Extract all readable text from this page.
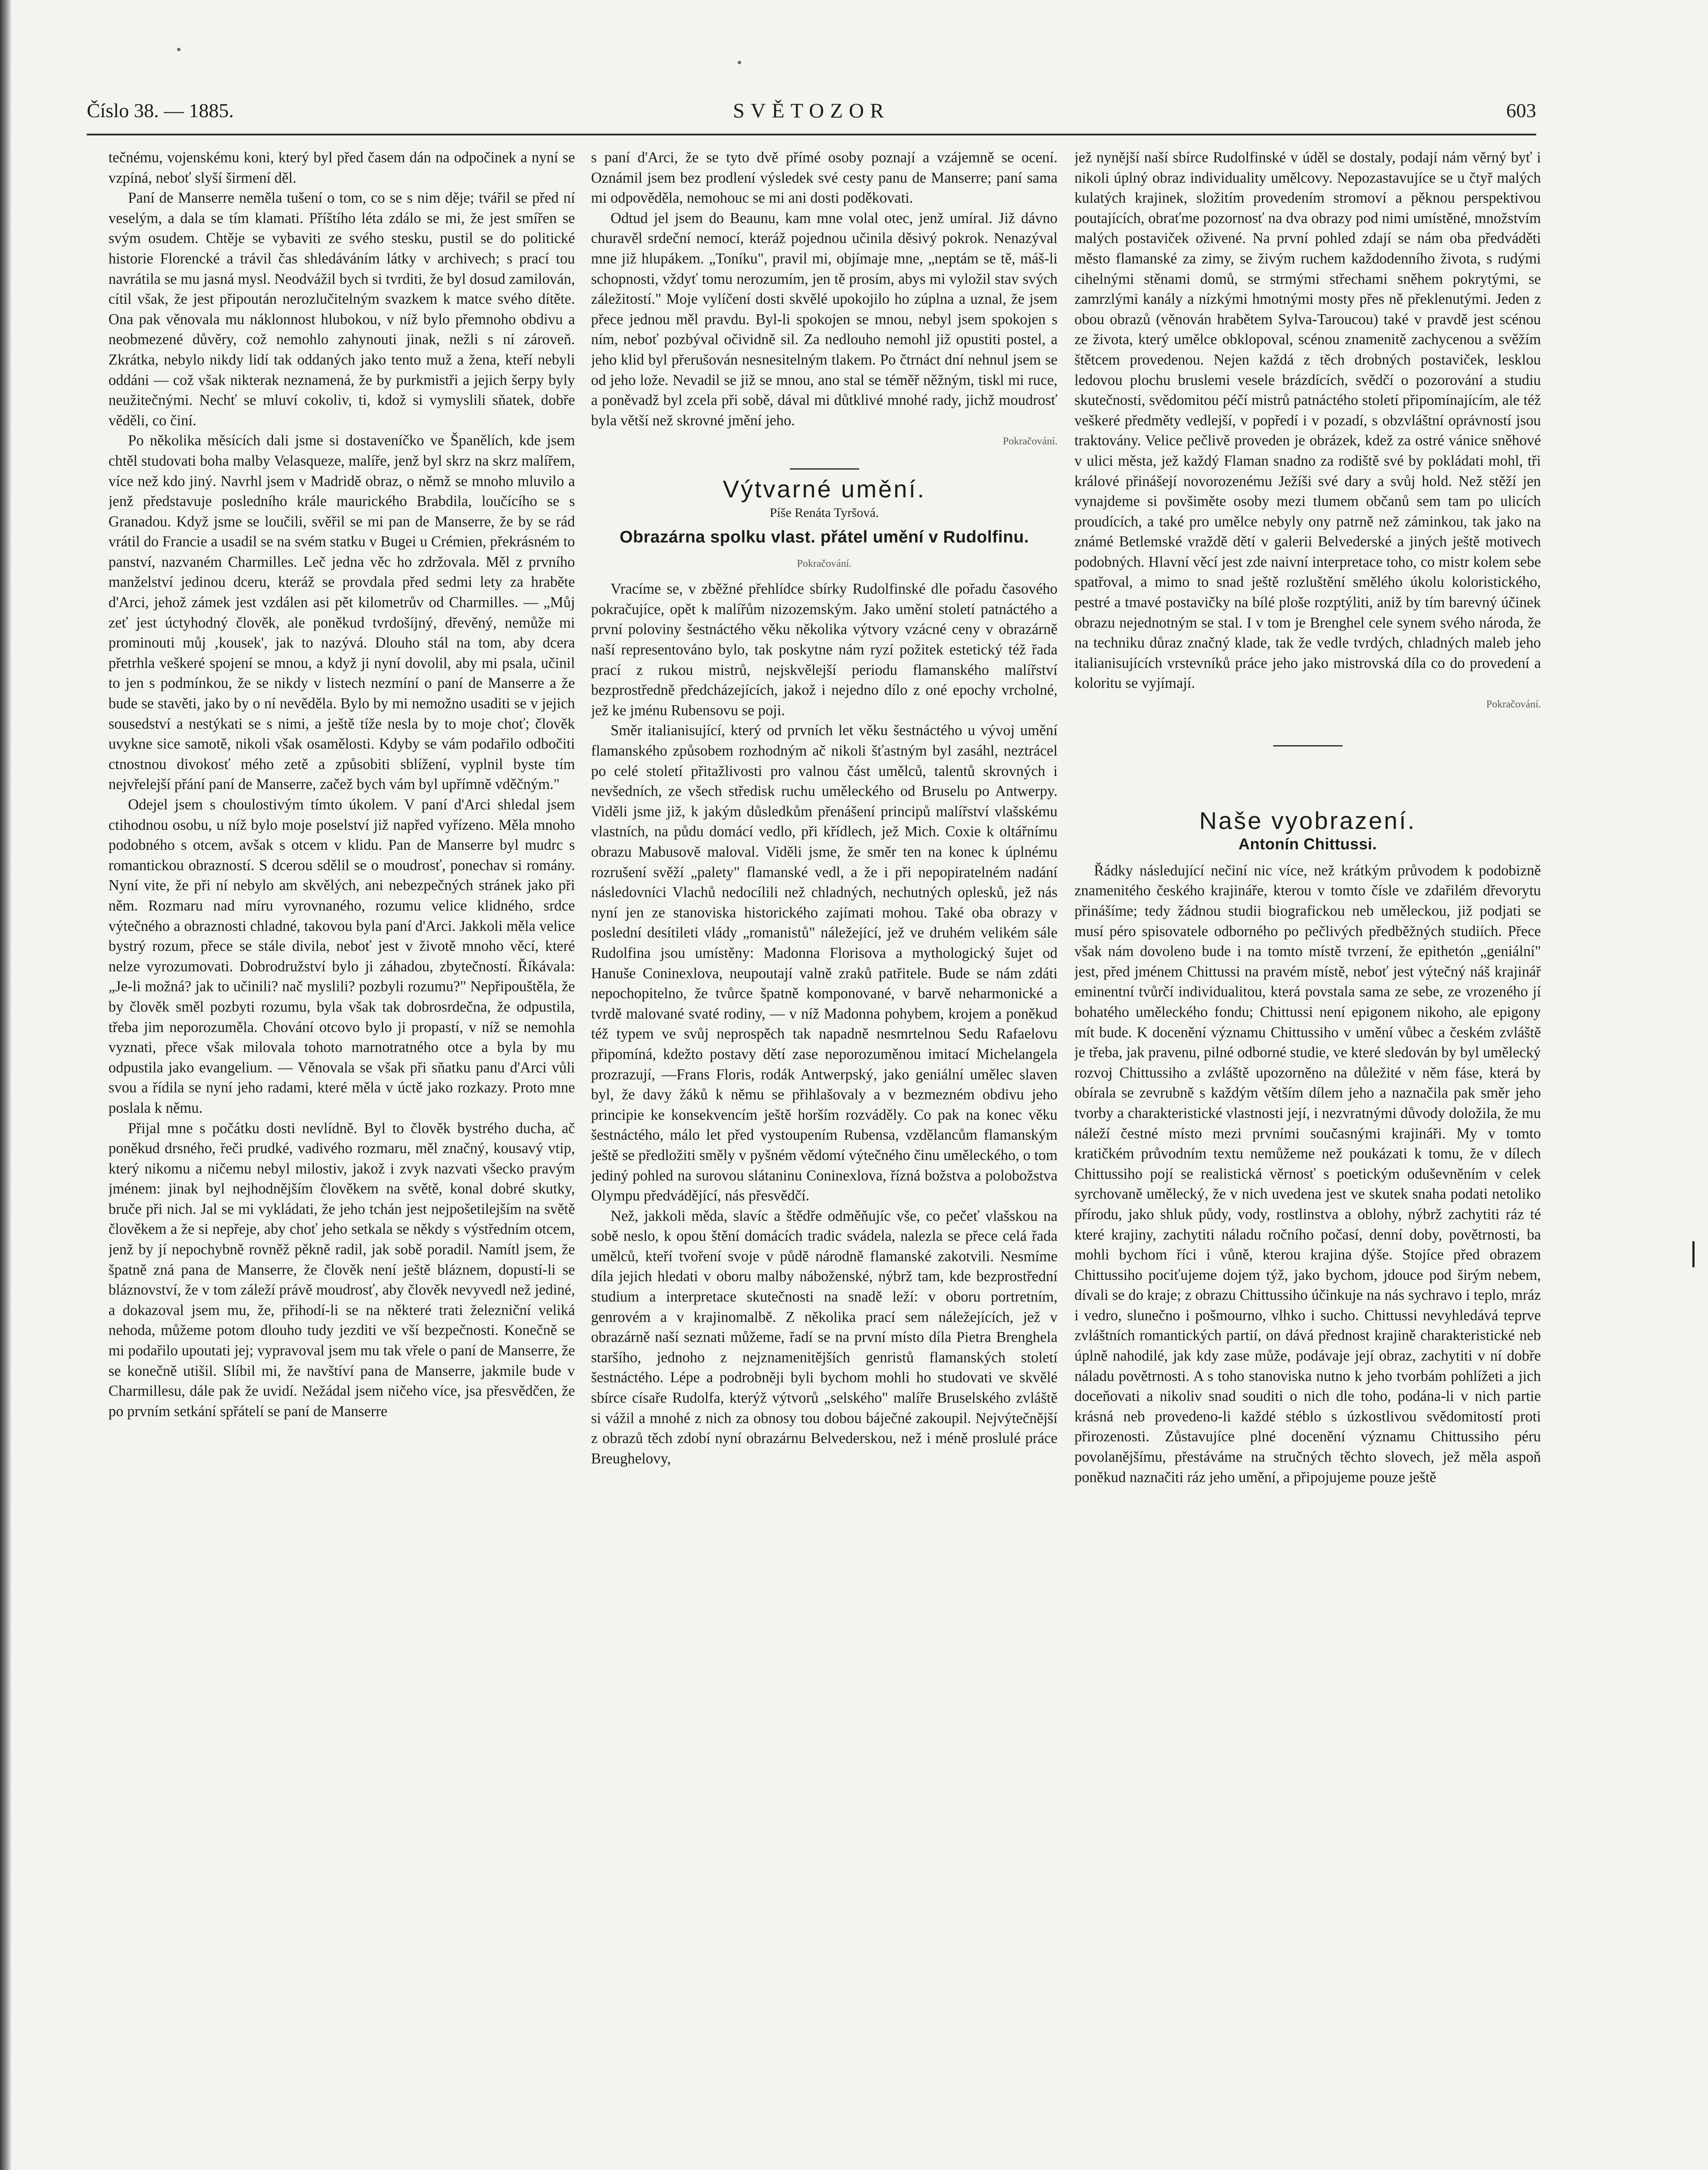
Číslo 38. — 1885.	SVĚTOZOR	603

tečnému, vojenskému koni, který byl před časem dán na odpočinek a nyní se vzpíná, neboť slyší širmení děl.

Paní de Manserre neměla tušení o tom, co se s nim děje; tvářil se před ní veselým, a dala se tím klamati. Příštího léta zdálo se mi, že jest smířen se svým osudem. Chtěje se vybaviti ze svého stesku, pustil se do politické historie Florencké a trávil čas shledáváním látky v archivech; s prací tou navrátila se mu jasná mysl. Neodvážil bych si tvrditi, že byl dosud zamilován, cítil však, že jest připoután nerozlučitelným svazkem k matce svého dítěte. Ona pak věnovala mu náklonnost hlubokou, v níž bylo přemnoho obdivu a neobmezené důvěry, což nemohlo zahynouti jinak, nežli s ní zároveň. Zkrátka, nebylo nikdy lidí tak oddaných jako tento muž a žena, kteří nebyli oddáni — což však nikterak neznamená, že by purkmistři a jejich šerpy byly neužitečnými. Nechť se mluví cokoliv, ti, kdož si vymyslili sňatek, dobře věděli, co činí.

Po několika měsících dali jsme si dostaveníčko ve Španělích, kde jsem chtěl studovati boha malby Velasqueze, malíře, jenž byl skrz na skrz malířem, více než kdo jiný. Navrhl jsem v Madridě obraz, o němž se mnoho mluvilo a jenž představuje posledního krále maurického Brabdila, loučícího se s Granadou. Když jsme se loučili, svěřil se mi pan de Manserre, že by se rád vrátil do Francie a usadil se na svém statku v Bugei u Crémien, překrásném to panství, nazvaném Charmilles. Leč jedna věc ho zdržovala. Měl z prvního manželství jedinou dceru, kteráž se provdala před sedmi lety za hraběte d'Arci, jehož zámek jest vzdálen asi pět kilometrův od Charmilles. — „Můj zeť jest úctyhodný člověk, ale poněkud tvrdošíjný, dřevěný, nemůže mi prominouti můj ‚kousek', jak to nazývá. Dlouho stál na tom, aby dcera přetrhla veškeré spojení se mnou, a když ji nyní dovolil, aby mi psala, učinil to jen s podmínkou, že se nikdy v listech nezmíní o paní de Manserre a že bude se stavěti, jako by o ní nevěděla. Bylo by mi nemožno usaditi se v jejich sousedství a nestýkati se s nimi, a ještě tíže nesla by to moje choť; člověk uvykne sice samotě, nikoli však osamělosti. Kdyby se vám podařilo odbočiti ctnostnou divokosť mého zetě a způsobiti sblížení, vyplnil byste tím nejvřelejší přání paní de Manserre, začež bych vám byl upřímně vděčným."

Odejel jsem s choulostivým tímto úkolem. V paní d'Arci shledal jsem ctihodnou osobu, u níž bylo moje poselství již napřed vyřízeno. Měla mnoho podobného s otcem, avšak s otcem v klidu. Pan de Manserre byl mudrc s romantickou obrazností. S dcerou sdělil se o moudrosť, ponechav si romány. Nyní vite, že při ní nebylo am skvělých, ani nebezpečných stránek jako při něm. Rozmaru nad míru vyrovnaného, rozumu velice klidného, srdce výtečného a obraznosti chladné, takovou byla paní d'Arci. Jakkoli měla velice bystrý rozum, přece se stále divila, neboť jest v životě mnoho věcí, které nelze vyrozumovati. Dobrodružství bylo ji záhadou, zbytečností. Říkávala: „Je-li možná? jak to učinili? nač myslili? pozbyli rozumu?" Nepřipouštěla, že by člověk směl pozbyti rozumu, byla však tak dobrosrdečna, že odpustila, třeba jim neporozuměla. Chování otcovo bylo ji propastí, v níž se nemohla vyznati, přece však milovala tohoto marnotratného otce a byla by mu odpustila jako evangelium. — Věnovala se však při sňatku panu d'Arci vůli svou a řídila se nyní jeho radami, které měla v úctě jako rozkazy. Proto mne poslala k němu.

Přijal mne s počátku dosti nevlídně. Byl to člověk bystrého ducha, ač poněkud drsného, řeči prudké, vadivého rozmaru, měl značný, kousavý vtip, který nikomu a ničemu nebyl milostiv, jakož i zvyk nazvati všecko pravým jménem: jinak byl nejhodnějším člověkem na světě, konal dobré skutky, bruče při nich. Jal se mi vykládati, že jeho tchán jest nejpošetilejším na světě člověkem a že si nepřeje, aby choť jeho setkala se někdy s výstředním otcem, jenž by jí nepochybně rovněž pěkně radil, jak sobě poradil. Namítl jsem, že špatně zná pana de Manserre, že člověk není ještě bláznem, dopustí-li se bláznovství, že v tom záleží právě moudrosť, aby člověk nevyvedl než jediné, a dokazoval jsem mu, že, přihodí-li se na některé trati železniční veliká nehoda, můžeme potom dlouho tudy jezditi ve vší bezpečnosti. Konečně se mi podařilo upoutati jej; vypravoval jsem mu tak vřele o paní de Manserre, že se konečně utišil. Slíbil mi, že navštíví pana de Manserre, jakmile bude v Charmillesu, dále pak že uvidí. Nežádal jsem ničeho více, jsa přesvědčen, že po prvním setkání spřátelí se paní de Manserre

s paní d'Arci, že se tyto dvě přímé osoby poznají a vzájemně se ocení. Oznámil jsem bez prodlení výsledek své cesty panu de Manserre; paní sama mi odpověděla, nemohouc se mi ani dosti poděkovati.

Odtud jel jsem do Beaunu, kam mne volal otec, jenž umíral. Již dávno churavěl srdeční nemocí, kteráž pojednou učinila děsivý pokrok. Nenazýval mne již hlupákem. „Toníku", pravil mi, objímaje mne, „neptám se tě, máš-li schopnosti, vždyť tomu nerozumím, jen tě prosím, abys mi vyložil stav svých záležitostí." Moje vylíčení dosti skvělé upokojilo ho zúplna a uznal, že jsem přece jednou měl pravdu. Byl-li spokojen se mnou, nebyl jsem spokojen s ním, neboť pozbýval očividně sil. Za nedlouho nemohl již opustiti postel, a jeho klid byl přerušován nesnesitelným tlakem. Po čtrnáct dní nehnul jsem se od jeho lože. Nevadil se již se mnou, ano stal se téměř něžným, tiskl mi ruce, a poněvadž byl zcela při sobě, dával mi důtklivé mnohé rady, jichž moudrosť byla větší než skrovné jmění jeho.

Pokračování.
Výtvarné umění.
Píše Renáta Tyršová.
Obrazárna spolku vlast. přátel umění v Rudolfinu.
Pokračování.

Vracíme se, v zběžné přehlídce sbírky Rudolfinské dle pořadu časového pokračujíce, opět k malířům nizozemským. Jako umění století patnáctého a první poloviny šestnáctého věku několika výtvory vzácné ceny v obrazárně naší representováno bylo, tak poskytne nám ryzí požitek estetický též řada prací z rukou mistrů, nejskvělejší periodu flamanského malířství bezprostředně předcházejících, jakož i nejedno dílo z oné epochy vrcholné, jež ke jménu Rubensovu se poji.

Směr italianisující, který od prvních let věku šestnáctého u vývoj umění flamanského způsobem rozhodným ač nikoli šťastným byl zasáhl, neztrácel po celé století přitažlivosti pro valnou část umělců, talentů skrovných i nevšedních, ze všech středisk ruchu uměleckého od Bruselu po Antwerpy. Viděli jsme již, k jakým důsledkům přenášení principů malířství vlašskému vlastních, na půdu domácí vedlo, při křídlech, jež Mich. Coxie k oltářnímu obrazu Mabusově maloval. Viděli jsme, že směr ten na konec k úplnému rozrušení svěží „palety" flamanské vedl, a že i při nepopiratelném nadání následovníci Vlachů nedocílili než chladných, nechutných oplesků, jež nás nyní jen ze stanoviska historického zajímati mohou. Také oba obrazy v poslední desítileti vlády „romanistů" náležející, jež ve druhém velikém sále Rudolfina jsou umístěny: Madonna Florisova a mythologický šujet od Hanuše Coninexlova, neupoutají valně zraků patřitele. Bude se nám zdáti nepochopitelno, že tvůrce špatně komponované, v barvě neharmonické a tvrdě malované svaté rodiny, — v níž Madonna pohybem, krojem a poněkud též typem ve svůj neprospěch tak napadně nesmrtelnou Sedu Rafaelovu připomíná, kdežto postavy dětí zase neporozuměnou imitací Michelangela prozrazují, —Frans Floris, rodák Antwerpský, jako geniální umělec slaven byl, že davy žáků k němu se přihlašovaly a v bezmezném obdivu jeho principie ke konsekvencím ještě horším rozváděly. Co pak na konec věku šestnáctého, málo let před vystoupením Rubensa, vzdělancům flamanským ještě se předložiti směly v pyšném vědomí výtečného činu uměleckého, o tom jediný pohled na surovou slátaninu Coninexlova, řízná božstva a polobožstva Olympu předvádějící, nás přesvědčí.

Než, jakkoli měda, slavíc a štědře odměňujíc vše, co pečeť vlašskou na sobě neslo, k opou štění domácích tradic svádela, nalezla se přece celá řada umělců, kteří tvoření svoje v půdě národně flamanské zakotvili. Nesmíme díla jejich hledati v oboru malby náboženské, nýbrž tam, kde bezprostřední studium a interpretace skutečnosti na snadě leží: v oboru portretním, genrovém a v krajinomalbě. Z několika prací sem náležejících, jež v obrazárně naší seznati můžeme, řadí se na první místo díla Pietra Brenghela staršího, jednoho z nejznamenitějších genristů flamanských století šestnáctého. Lépe a podrobněji byli bychom mohli ho studovati ve skvělé sbírce císaře Rudolfa, kterýž výtvorů „selského" malíře Bruselského zvláště si vážil a mnohé z nich za obnosy tou dobou báječné zakoupil. Nejvýtečnější z obrazů těch zdobí nyní obrazárnu Belvederskou, než i méně proslulé práce Breughelovy,

jež nynější naší sbírce Rudolfinské v úděl se dostaly, podají nám věrný byť i nikoli úplný obraz individuality umělcovy. Nepozastavujíce se u čtyř malých kulatých krajinek, složitím provedením stromoví a pěknou perspektivou poutajících, obraťme pozornosť na dva obrazy pod nimi umístěné, množstvím malých postaviček oživené. Na první pohled zdají se nám oba předváděti město flamanské za zimy, se živým ruchem každodenního života, s rudými cihelnými stěnami domů, se strmými střechami sněhem pokrytými, se zamrzlými kanály a nízkými hmotnými mosty přes ně překlenutými. Jeden z obou obrazů (věnován hrabětem Sylva-Taroucou) také v pravdě jest scénou ze života, který umělce obklopoval, scénou znamenitě zachycenou a svěžím štětcem provedenou. Nejen každá z těch drobných postaviček, lesklou ledovou plochu bruslemi vesele brázdících, svědčí o pozorování a studiu skutečnosti, svědomitou péčí mistrů patnáctého století připomínajícím, ale též veškeré předměty vedlejší, v popředí i v pozadí, s obzvláštní oprávností jsou traktovány. Velice pečlivě proveden je obrázek, kdež za ostré vánice sněhové v ulici města, jež každý Flaman snadno za rodiště své by pokládati mohl, tři králové přinášejí novorozenému Ježíši své dary a svůj hold. Než stěží jen vynajdeme si povšiměte osoby mezi tlumem občanů sem tam po ulicích proudících, a také pro umělce nebyly ony patrně než záminkou, tak jako na známé Betlemské vraždě dětí v galerii Belvederské a jiných ještě motivech podobných. Hlavní věcí jest zde naivní interpretace toho, co mistr kolem sebe spatřoval, a mimo to snad ještě rozluštění smělého úkolu koloristického, pestré a tmavé postavičky na bílé ploše rozptýliti, aniž by tím barevný účinek obrazu nejednotným se stal. I v tom je Brenghel cele synem svého národa, že na techniku důraz značný klade, tak že vedle tvrdých, chladných maleb jeho italianisujících vrstevníků práce jeho jako mistrovská díla co do provedení a koloritu se vyjímají.

Pokračování.
Naše vyobrazení.
Antonín Chittussi.

Řádky následující nečiní nic více, než krátkým průvodem k podobizně znamenitého českého krajináře, kterou v tomto čísle ve zdařilém dřevorytu přinášíme; tedy žádnou studii biografickou neb uměleckou, již podjati se musí péro spisovatele odborného po pečlivých předběžných studiích. Přece však nám dovoleno bude i na tomto místě tvrzení, že epithetón „geniální" jest, před jménem Chittussi na pravém místě, neboť jest výtečný náš krajinář eminentní tvůrčí individualitou, která povstala sama ze sebe, ze vrozeného jí bohatého uměleckého fondu; Chittussi není epigonem nikoho, ale epigony mít bude. K docenění významu Chittussiho v umění vůbec a českém zvláště je třeba, jak pravenu, pilné odborné studie, ve které sledován by byl umělecký rozvoj Chittussiho a zvláště upozorněno na důležité v něm fáse, která by obírala se zevrubně s každým větším dílem jeho a naznačila pak směr jeho tvorby a charakteristické vlastnosti její, i nezvratnými důvody doložila, že mu náleží čestné místo mezi prvními současnými krajináři. My v tomto kratičkém průvodním textu nemůžeme než poukázati k tomu, že v dílech Chittussiho pojí se realistická věrnosť s poetickým oduševněním v celek syrchovaně umělecký, že v nich uvedena jest ve skutek snaha podati netoliko přírodu, jako shluk půdy, vody, rostlinstva a oblohy, nýbrž zachytiti ráz té které krajiny, zachytiti náladu ročního počasí, denní doby, povětrnosti, ba mohli bychom říci i vůně, kterou krajina dýše. Stojíce před obrazem Chittussiho pociťujeme dojem týž, jako bychom, jdouce pod širým nebem, dívali se do kraje; z obrazu Chittussiho účinkuje na nás sychravo i teplo, mráz i vedro, slunečno i pošmourno, vlhko i sucho. Chittussi nevyhledává teprve zvláštních romantických partií, on dává přednost krajině charakteristické neb úplně nahodilé, jak kdy zase může, podávaje její obraz, zachytiti v ní dobře náladu povětrnosti. A s toho stanoviska nutno k jeho tvorbám pohlížeti a jich doceňovati a nikoliv snad souditi o nich dle toho, podána-li v nich partie krásná neb provedeno-li každé stéblo s úzkostlivou svědomitostí proti přirozenosti. Zůstavujíce plné docenění významu Chittussiho péru povolanějšímu, přestáváme na stručných těchto slovech, jež měla aspoň poněkud naznačiti ráz jeho umění, a připojujeme pouze ještě
